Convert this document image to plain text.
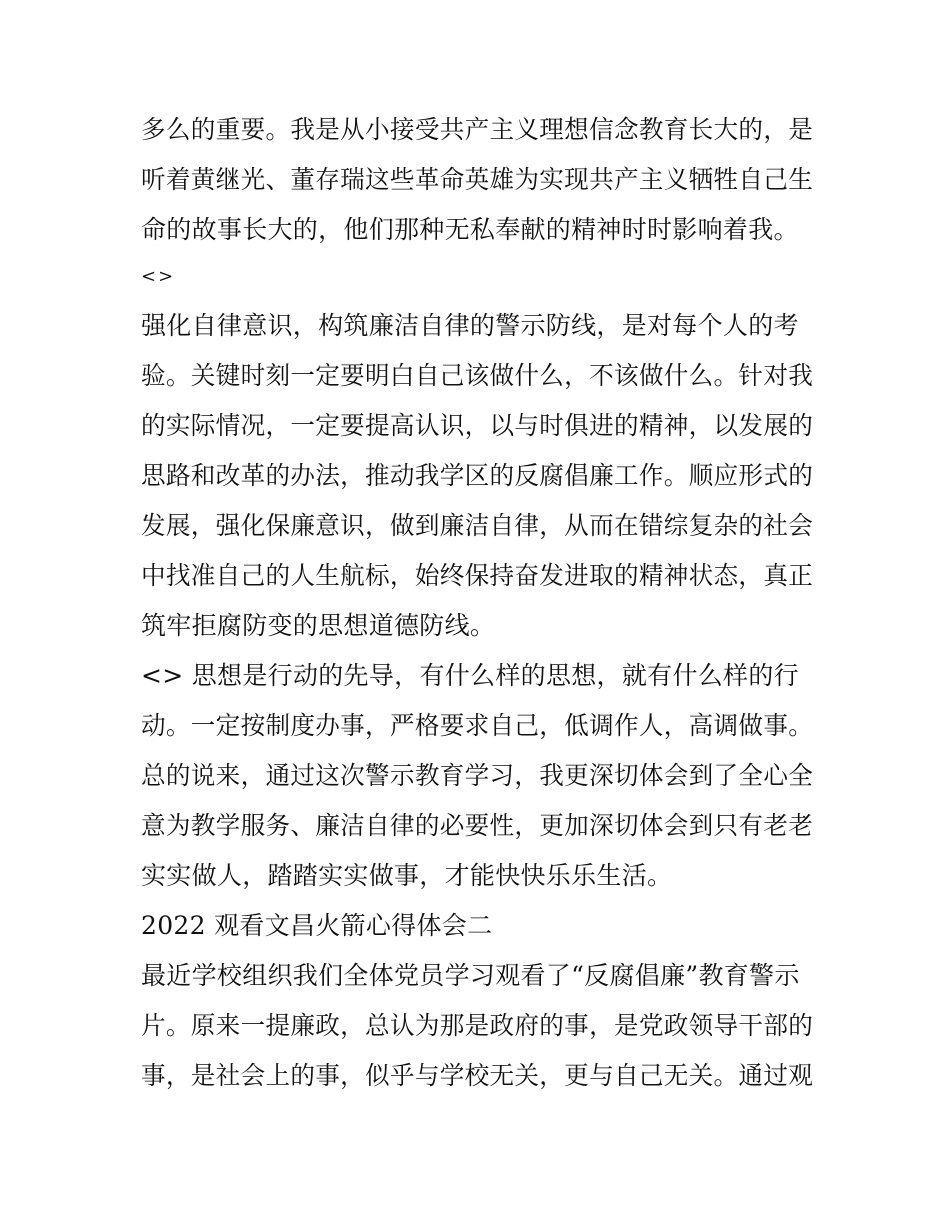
多么的重要。我是从小接受共产主义理想信念教育长大的，是
听着黄继光、董存瑞这些革命英雄为实现共产主义牺牲自己生
命的故事长大的，他们那种无私奉献的精神时时影响着我。
<>
强化自律意识，构筑廉洁自律的警示防线，是对每个人的考
验。关键时刻一定要明白自己该做什么，不该做什么。针对我
的实际情况，一定要提高认识，以与时俱进的精神，以发展的
思路和改革的办法，推动我学区的反腐倡廉工作。顺应形式的
发展，强化保廉意识，做到廉洁自律，从而在错综复杂的社会
中找准自己的人生航标，始终保持奋发进取的精神状态，真正
筑牢拒腐防变的思想道德防线。
<> 思想是行动的先导，有什么样的思想，就有什么样的行
动。一定按制度办事，严格要求自己，低调作人，高调做事。
总的说来，通过这次警示教育学习，我更深切体会到了全心全
意为教学服务、廉洁自律的必要性，更加深切体会到只有老老
实实做人，踏踏实实做事，才能快快乐乐生活。
2022 观看文昌火箭心得体会二
最近学校组织我们全体党员学习观看了“反腐倡廉”教育警示
片。原来一提廉政，总认为那是政府的事，是党政领导干部的
事，是社会上的事，似乎与学校无关，更与自己无关。通过观
